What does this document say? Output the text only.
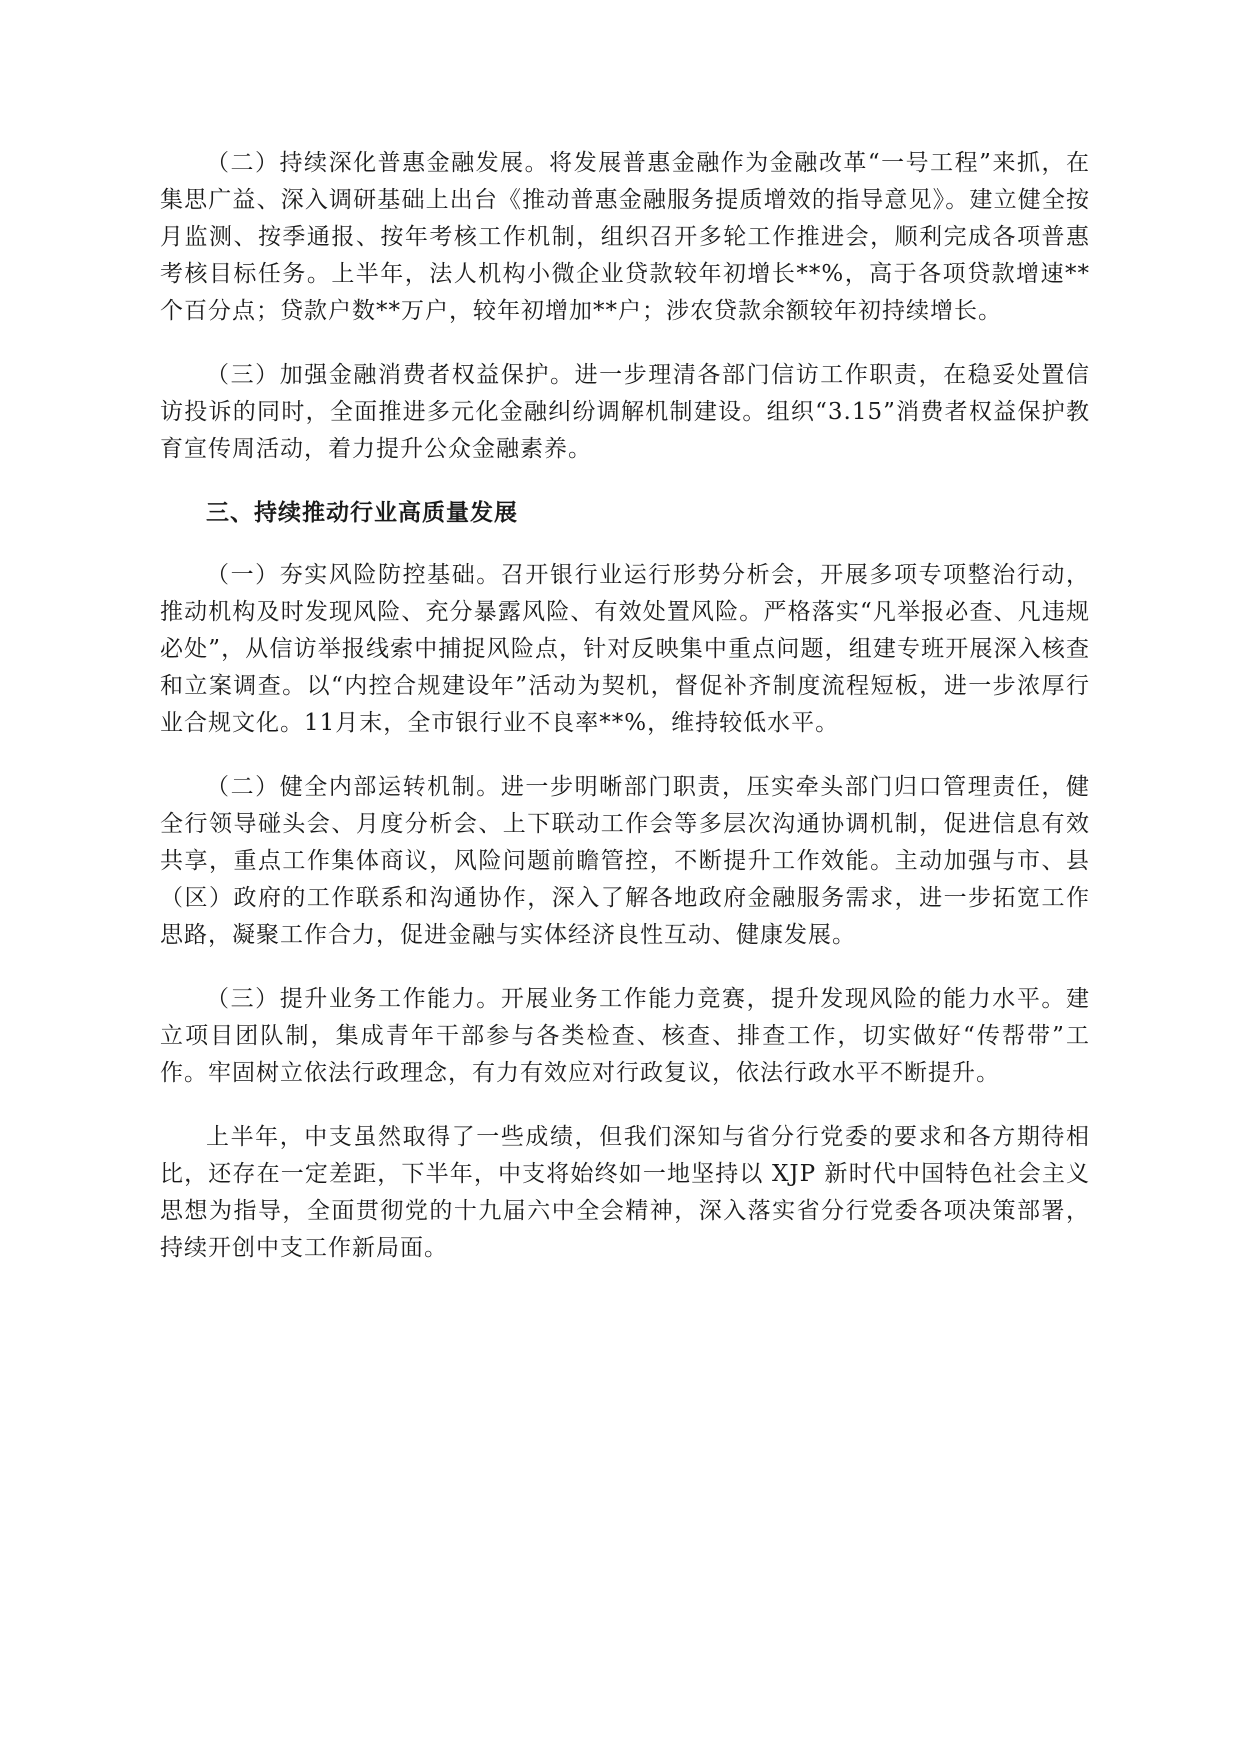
（二）持续深化普惠金融发展。将发展普惠金融作为金融改革“一号工程”来抓，在集思广益、深入调研基础上出台《推动普惠金融服务提质增效的指导意见》。建立健全按月监测、按季通报、按年考核工作机制，组织召开多轮工作推进会，顺利完成各项普惠考核目标任务。上半年，法人机构小微企业贷款较年初增长**%，高于各项贷款增速**个百分点；贷款户数**万户，较年初增加**户；涉农贷款余额较年初持续增长。

（三）加强金融消费者权益保护。进一步理清各部门信访工作职责，在稳妥处置信访投诉的同时，全面推进多元化金融纠纷调解机制建设。组织“3.15”消费者权益保护教育宣传周活动，着力提升公众金融素养。

三、持续推动行业高质量发展

（一）夯实风险防控基础。召开银行业运行形势分析会，开展多项专项整治行动，推动机构及时发现风险、充分暴露风险、有效处置风险。严格落实“凡举报必查、凡违规必处”，从信访举报线索中捕捉风险点，针对反映集中重点问题，组建专班开展深入核查和立案调查。以“内控合规建设年”活动为契机，督促补齐制度流程短板，进一步浓厚行业合规文化。11月末，全市银行业不良率**%，维持较低水平。

（二）健全内部运转机制。进一步明晰部门职责，压实牵头部门归口管理责任，健全行领导碰头会、月度分析会、上下联动工作会等多层次沟通协调机制，促进信息有效共享，重点工作集体商议，风险问题前瞻管控，不断提升工作效能。主动加强与市、县（区）政府的工作联系和沟通协作，深入了解各地政府金融服务需求，进一步拓宽工作思路，凝聚工作合力，促进金融与实体经济良性互动、健康发展。

（三）提升业务工作能力。开展业务工作能力竞赛，提升发现风险的能力水平。建立项目团队制，集成青年干部参与各类检查、核查、排查工作，切实做好“传帮带”工作。牢固树立依法行政理念，有力有效应对行政复议，依法行政水平不断提升。

上半年，中支虽然取得了一些成绩，但我们深知与省分行党委的要求和各方期待相比，还存在一定差距，下半年，中支将始终如一地坚持以 XJP 新时代中国特色社会主义思想为指导，全面贯彻党的十九届六中全会精神，深入落实省分行党委各项决策部署，持续开创中支工作新局面。
